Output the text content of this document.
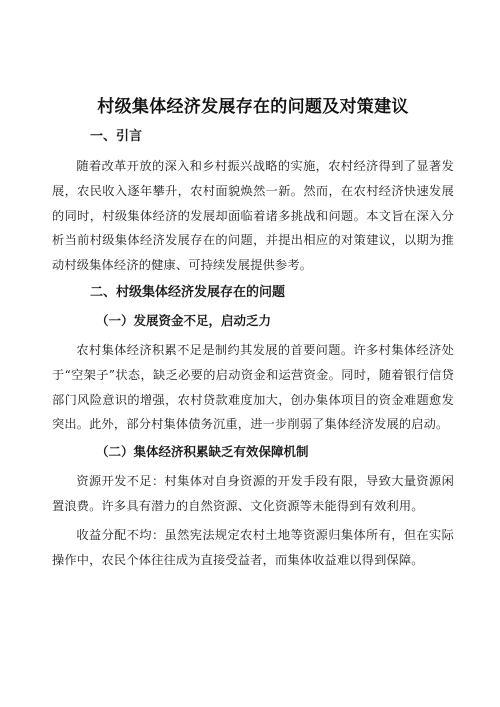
村级集体经济发展存在的问题及对策建议
一、引言

随着改革开放的深入和乡村振兴战略的实施，农村经济得到了显著发展，农民收入逐年攀升，农村面貌焕然一新。然而，在农村经济快速发展的同时，村级集体经济的发展却面临着诸多挑战和问题。本文旨在深入分析当前村级集体经济发展存在的问题，并提出相应的对策建议，以期为推动村级集体经济的健康、可持续发展提供参考。

二、村级集体经济发展存在的问题
（一）发展资金不足，启动乏力

农村集体经济积累不足是制约其发展的首要问题。许多村集体经济处于“空架子”状态，缺乏必要的启动资金和运营资金。同时，随着银行信贷部门风险意识的增强，农村贷款难度加大，创办集体项目的资金难题愈发突出。此外，部分村集体债务沉重，进一步削弱了集体经济发展的启动。

（二）集体经济积累缺乏有效保障机制

资源开发不足：村集体对自身资源的开发手段有限，导致大量资源闲置浪费。许多具有潜力的自然资源、文化资源等未能得到有效利用。

收益分配不均：虽然宪法规定农村土地等资源归集体所有，但在实际操作中，农民个体往往成为直接受益者，而集体收益难以得到保障。
